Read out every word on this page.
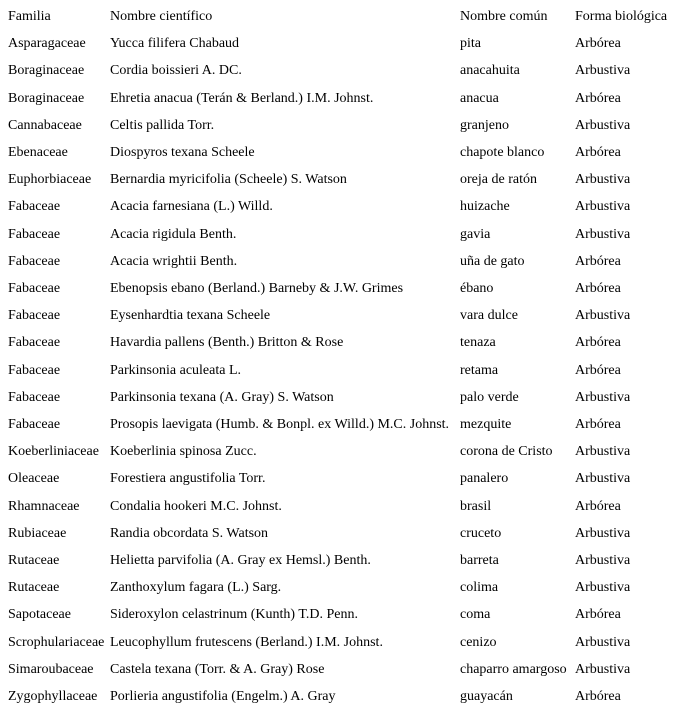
Familia	Nombre científico	Nombre común	Forma biológica
Asparagaceae	Yucca filifera Chabaud	pita	Arbórea
Boraginaceae	Cordia boissieri A. DC.	anacahuita	Arbustiva
Boraginaceae	Ehretia anacua (Terán & Berland.) I.M. Johnst.	anacua	Arbórea
Cannabaceae	Celtis pallida Torr.	granjeno	Arbustiva
Ebenaceae	Diospyros texana Scheele	chapote blanco	Arbórea
Euphorbiaceae	Bernardia myricifolia (Scheele) S. Watson	oreja de ratón	Arbustiva
Fabaceae	Acacia farnesiana (L.) Willd.	huizache	Arbustiva
Fabaceae	Acacia rigidula Benth.	gavia	Arbustiva
Fabaceae	Acacia wrightii Benth.	uña de gato	Arbórea
Fabaceae	Ebenopsis ebano (Berland.) Barneby & J.W. Grimes	ébano	Arbórea
Fabaceae	Eysenhardtia texana Scheele	vara dulce	Arbustiva
Fabaceae	Havardia pallens (Benth.) Britton & Rose	tenaza	Arbórea
Fabaceae	Parkinsonia aculeata L.	retama	Arbórea
Fabaceae	Parkinsonia texana (A. Gray) S. Watson	palo verde	Arbustiva
Fabaceae	Prosopis laevigata (Humb. & Bonpl. ex Willd.) M.C. Johnst.	mezquite	Arbórea
Koeberliniaceae	Koeberlinia spinosa Zucc.	corona de Cristo	Arbustiva
Oleaceae	Forestiera angustifolia Torr.	panalero	Arbustiva
Rhamnaceae	Condalia hookeri M.C. Johnst.	brasil	Arbórea
Rubiaceae	Randia obcordata S. Watson	cruceto	Arbustiva
Rutaceae	Helietta parvifolia (A. Gray ex Hemsl.) Benth.	barreta	Arbustiva
Rutaceae	Zanthoxylum fagara (L.) Sarg.	colima	Arbustiva
Sapotaceae	Sideroxylon celastrinum (Kunth) T.D. Penn.	coma	Arbórea
Scrophulariaceae	Leucophyllum frutescens (Berland.) I.M. Johnst.	cenizo	Arbustiva
Simaroubaceae	Castela texana (Torr. & A. Gray) Rose	chaparro amargoso	Arbustiva
Zygophyllaceae	Porlieria angustifolia (Engelm.) A. Gray	guayacán	Arbórea
